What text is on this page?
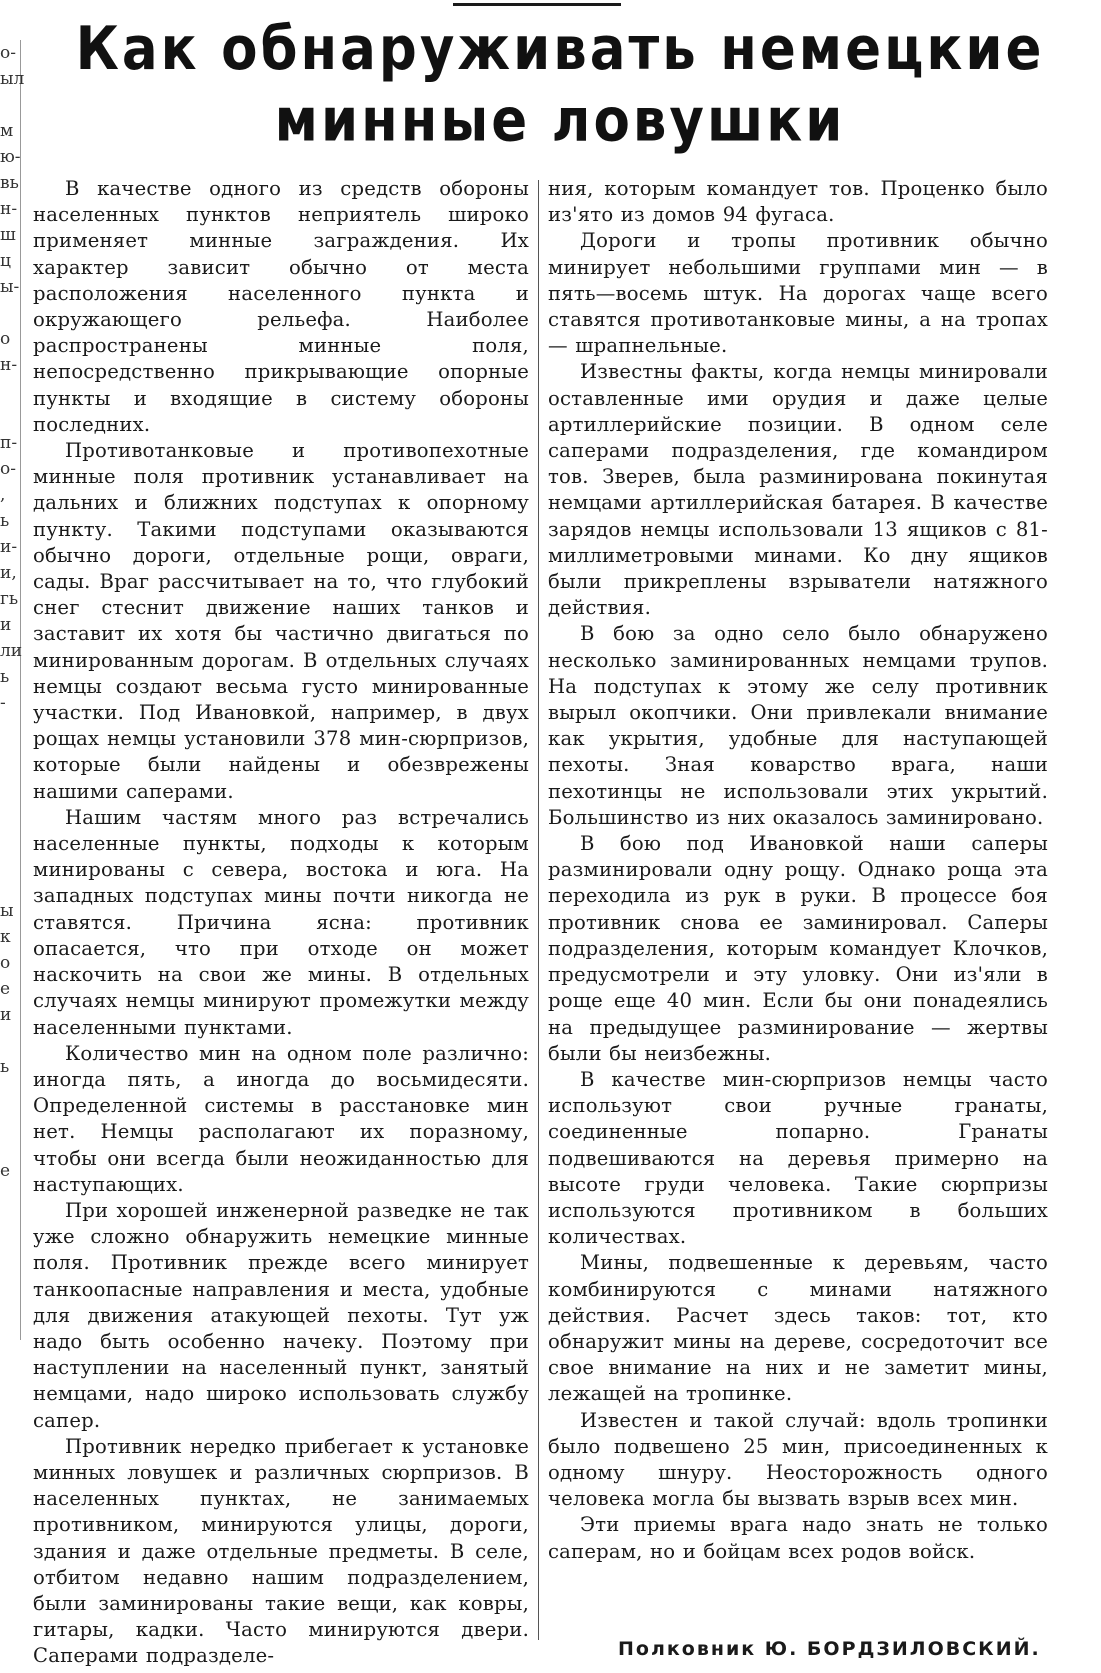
о-
ыл
м
ю-
вь
н-
ш
ц
ы-
о
н-
п-
о-
,
ь
и-
и,
гь
и
ли
ь
-
ы
к
о
е
и
ь
е
Как обнаруживать немецкие
минные ловушки

В качестве одного из средств обороны населенных пунктов неприятель широко применяет минные заграждения. Их характер зависит обычно от места расположения населенного пункта и окружающего рельефа. Наиболее распространены минные поля, непосредственно прикрывающие опорные пункты и входящие в систему обороны последних.

Противотанковые и противопехотные минные поля противник устанавливает на дальних и ближних подступах к опорному пункту. Такими подступами оказываются обычно дороги, отдельные рощи, овраги, сады. Враг рассчитывает на то, что глубокий снег стеснит движение наших танков и заставит их хотя бы частично двигаться по минированным дорогам. В отдельных случаях немцы создают весьма густо минированные участки. Под Ивановкой, например, в двух рощах немцы установили 378 мин-сюрпризов, которые были найдены и обезврежены нашими саперами.

Нашим частям много раз встречались населенные пункты, подходы к которым минированы с севера, востока и юга. На западных подступах мины почти никогда не ставятся. Причина ясна: противник опасается, что при отходе он может наскочить на свои же мины. В отдельных случаях немцы минируют промежутки между населенными пунктами.

Количество мин на одном поле различно: иногда пять, а иногда до восьмидесяти. Определенной системы в расстановке мин нет. Немцы располагают их поразному, чтобы они всегда были неожиданностью для наступающих.

При хорошей инженерной разведке не так уже сложно обнаружить немецкие минные поля. Противник прежде всего минирует танкоопасные направления и места, удобные для движения атакующей пехоты. Тут уж надо быть особенно начеку. Поэтому при наступлении на населенный пункт, занятый немцами, надо широко использовать службу сапер.

Противник нередко прибегает к установке минных ловушек и различных сюрпризов. В населенных пунктах, не занимаемых противником, минируются улицы, дороги, здания и даже отдельные предметы. В селе, отбитом недавно нашим подразделением, были заминированы такие вещи, как ковры, гитары, кадки. Часто минируются двери. Саперами подразделе-

ния, которым командует тов. Проценко было из'ято из домов 94 фугаса.

Дороги и тропы противник обычно минирует небольшими группами мин — в пять—восемь штук. На дорогах чаще всего ставятся противотанковые мины, а на тропах — шрапнельные.

Известны факты, когда немцы минировали оставленные ими орудия и даже целые артиллерийские позиции. В одном селе саперами подразделения, где командиром тов. Зверев, была разминирована покинутая немцами артиллерийская батарея. В качестве зарядов немцы использовали 13 ящиков с 81-миллиметровыми минами. Ко дну ящиков были прикреплены взрыватели натяжного действия.

В бою за одно село было обнаружено несколько заминированных немцами трупов. На подступах к этому же селу противник вырыл окопчики. Они привлекали внимание как укрытия, удобные для наступающей пехоты. Зная коварство врага, наши пехотинцы не использовали этих укрытий. Большинство из них оказалось заминировано.

В бою под Ивановкой наши саперы разминировали одну рощу. Однако роща эта переходила из рук в руки. В процессе боя противник снова ее заминировал. Саперы подразделения, которым командует Клочков, предусмотрели и эту уловку. Они из'яли в роще еще 40 мин. Если бы они понадеялись на предыдущее разминирование — жертвы были бы неизбежны.

В качестве мин-сюрпризов немцы часто используют свои ручные гранаты, соединенные попарно. Гранаты подвешиваются на деревья примерно на высоте груди человека. Такие сюрпризы используются противником в больших количествах.

Мины, подвешенные к деревьям, часто комбинируются с минами натяжного действия. Расчет здесь таков: тот, кто обнаружит мины на дереве, сосредоточит все свое внимание на них и не заметит мины, лежащей на тропинке.

Известен и такой случай: вдоль тропинки было подвешено 25 мин, присоединенных к одному шнуру. Неосторожность одного человека могла бы вызвать взрыв всех мин.

Эти приемы врага надо знать не только саперам, но и бойцам всех родов войск.

Полковник Ю. БОРДЗИЛОВСКИЙ.
